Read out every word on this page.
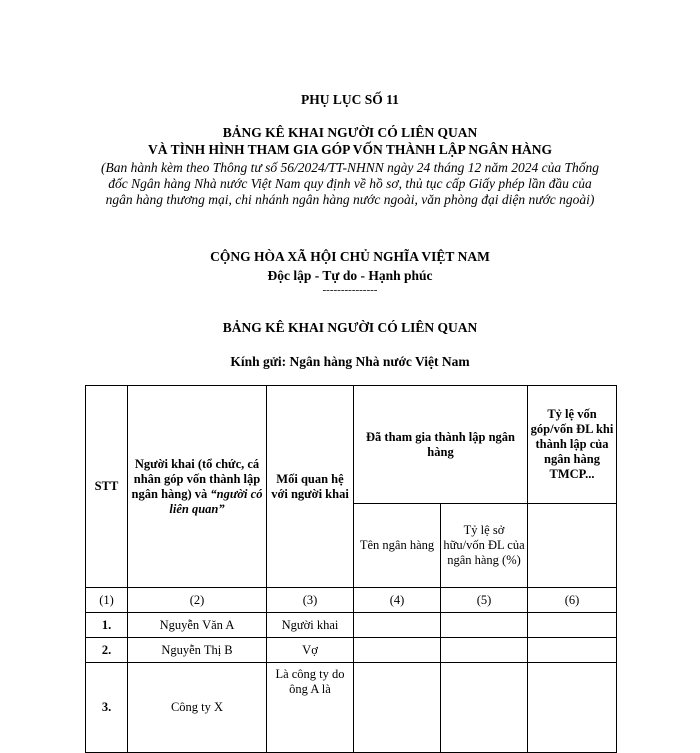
PHỤ LỤC SỐ 11
BẢNG KÊ KHAI NGƯỜI CÓ LIÊN QUAN
VÀ TÌNH HÌNH THAM GIA GÓP VỐN THÀNH LẬP NGÂN HÀNG
(Ban hành kèm theo Thông tư số 56/2024/TT-NHNN ngày 24 tháng 12 năm 2024 của Thống đốc Ngân hàng Nhà nước Việt Nam quy định về hồ sơ, thủ tục cấp Giấy phép lần đầu của ngân hàng thương mại, chi nhánh ngân hàng nước ngoài, văn phòng đại diện nước ngoài)
CỘNG HÒA XÃ HỘI CHỦ NGHĨA VIỆT NAM
Độc lập - Tự do - Hạnh phúc
---------------
BẢNG KÊ KHAI NGƯỜI CÓ LIÊN QUAN
Kính gửi: Ngân hàng Nhà nước Việt Nam
STT	Người khai (tổ chức, cá nhân góp vốn thành lập ngân hàng) và “người có liên quan”	Mối quan hệ với người khai	Đã tham gia thành lập ngân hàng		Tỷ lệ vốn góp/vốn ĐL khi thành lập của ngân hàng TMCP...
			Tên ngân hàng	Tỷ lệ sở hữu/vốn ĐL của ngân hàng (%)	
(1)	(2)	(3)	(4)	(5)	(6)
1.	Nguyễn Văn A	Người khai			
2.	Nguyễn Thị B	Vợ			
3.	Công ty X	Là công ty do ông A là			
